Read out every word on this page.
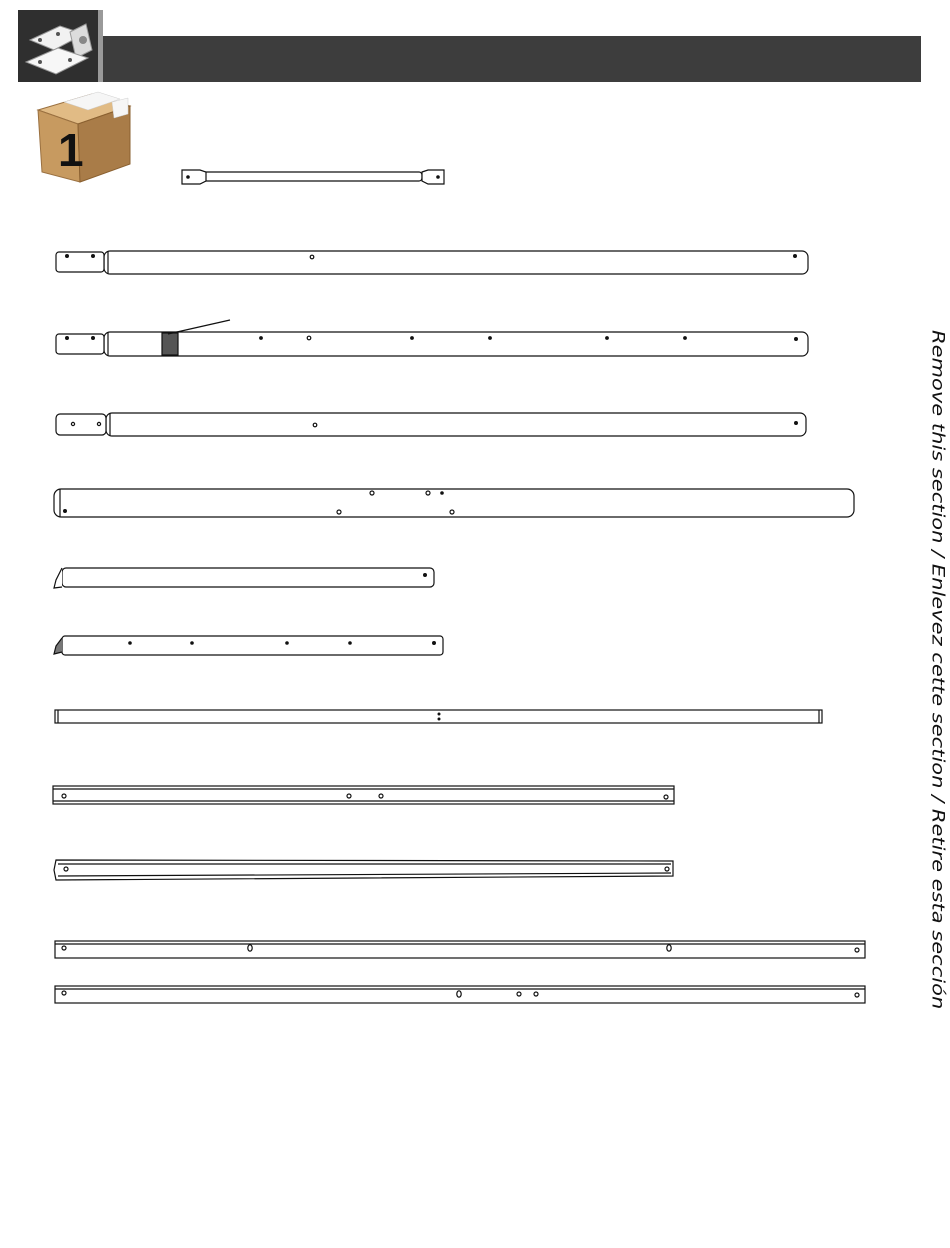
1
Remove this section / Enlevez cette section / Retire esta sección
